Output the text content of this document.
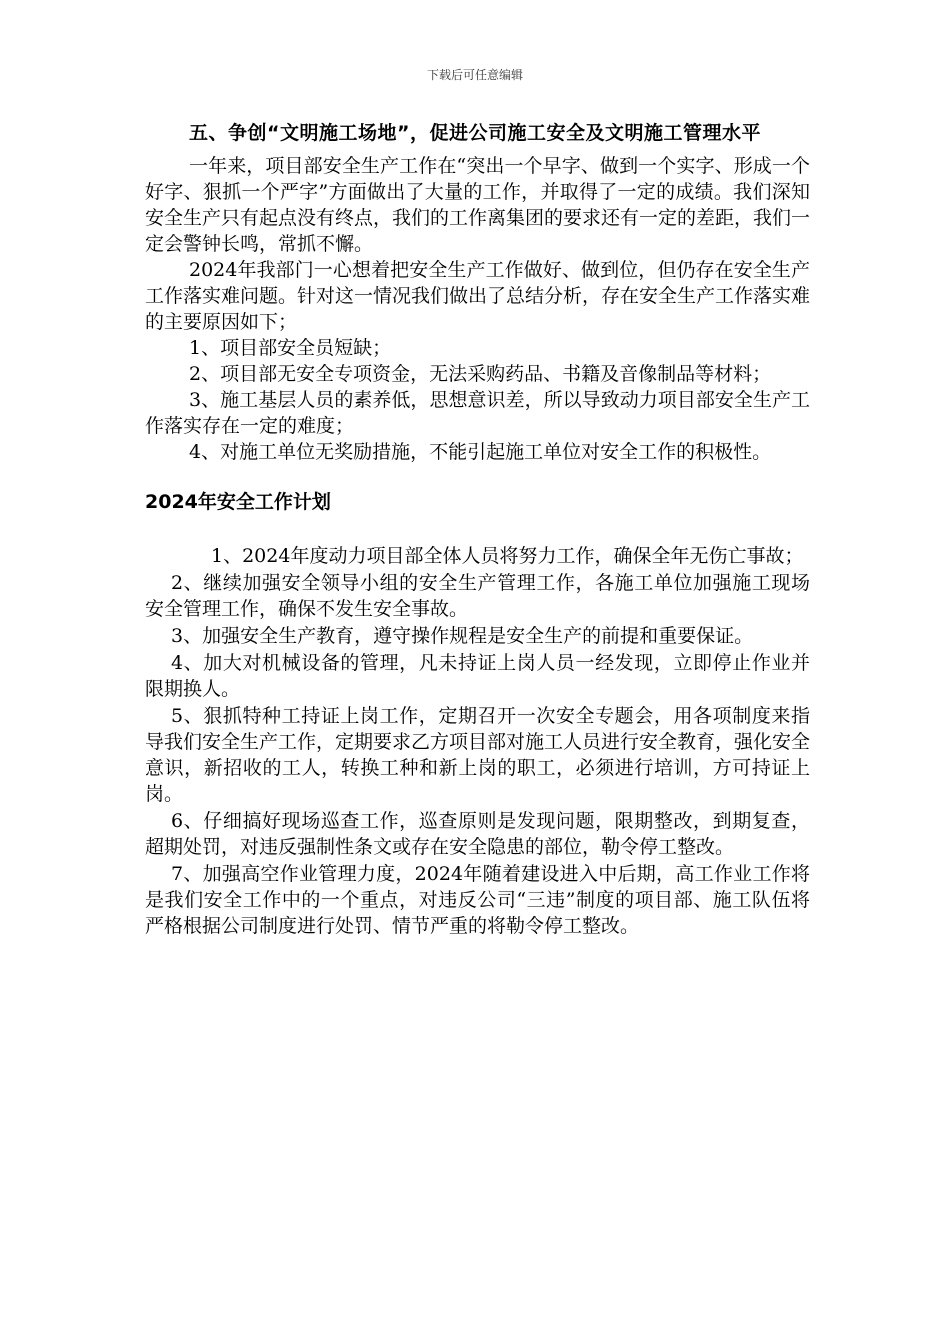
下载后可任意编辑

五、争创“文明施工场地”，促进公司施工安全及文明施工管理水平

一年来，项目部安全生产工作在“突出一个早字、做到一个实字、形成一个好字、狠抓一个严字”方面做出了大量的工作，并取得了一定的成绩。我们深知安全生产只有起点没有终点，我们的工作离集团的要求还有一定的差距，我们一定会警钟长鸣，常抓不懈。

2024年我部门一心想着把安全生产工作做好、做到位，但仍存在安全生产工作落实难问题。针对这一情况我们做出了总结分析，存在安全生产工作落实难的主要原因如下；

1、项目部安全员短缺；

2、项目部无安全专项资金，无法采购药品、书籍及音像制品等材料；

3、施工基层人员的素养低，思想意识差，所以导致动力项目部安全生产工作落实存在一定的难度；

4、对施工单位无奖励措施，不能引起施工单位对安全工作的积极性。

2024年安全工作计划

1、2024年度动力项目部全体人员将努力工作，确保全年无伤亡事故；

2、继续加强安全领导小组的安全生产管理工作，各施工单位加强施工现场安全管理工作，确保不发生安全事故。

3、加强安全生产教育，遵守操作规程是安全生产的前提和重要保证。

4、加大对机械设备的管理，凡未持证上岗人员一经发现，立即停止作业并限期换人。

5、狠抓特种工持证上岗工作，定期召开一次安全专题会，用各项制度来指导我们安全生产工作，定期要求乙方项目部对施工人员进行安全教育，强化安全意识，新招收的工人，转换工种和新上岗的职工，必须进行培训，方可持证上岗。

6、仔细搞好现场巡查工作，巡查原则是发现问题，限期整改，到期复查，超期处罚，对违反强制性条文或存在安全隐患的部位，勒令停工整改。

7、加强高空作业管理力度，2024年随着建设进入中后期，高工作业工作将是我们安全工作中的一个重点，对违反公司“三违”制度的项目部、施工队伍将严格根据公司制度进行处罚、情节严重的将勒令停工整改。
